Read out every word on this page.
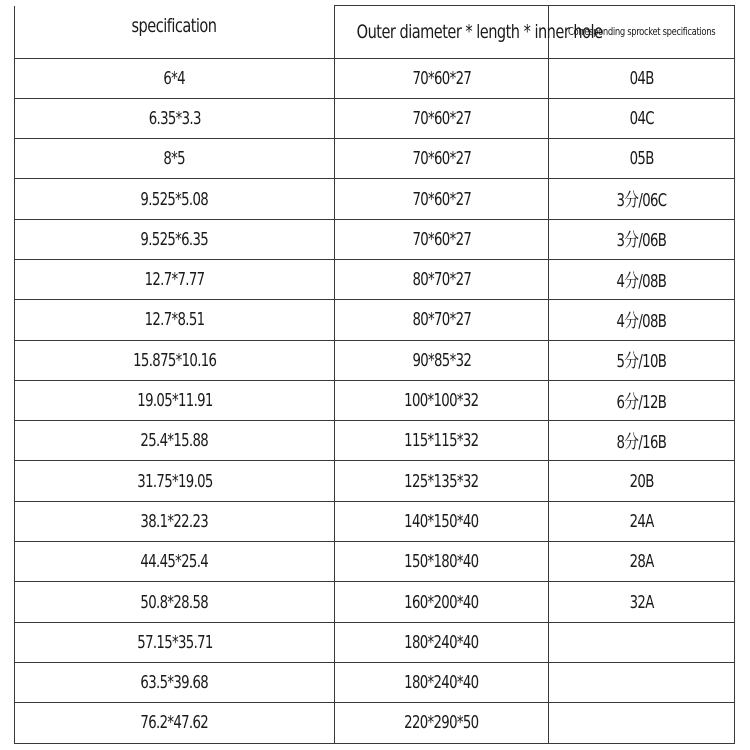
specification	Outer diameter * length * inner hole	Corresponding sprocket specifications
6*4	70*60*27	04B
6.35*3.3	70*60*27	04C
8*5	70*60*27	05B
9.525*5.08	70*60*27	3分/06C
9.525*6.35	70*60*27	3分/06B
12.7*7.77	80*70*27	4分/08B
12.7*8.51	80*70*27	4分/08B
15.875*10.16	90*85*32	5分/10B
19.05*11.91	100*100*32	6分/12B
25.4*15.88	115*115*32	8分/16B
31.75*19.05	125*135*32	20B
38.1*22.23	140*150*40	24A
44.45*25.4	150*180*40	28A
50.8*28.58	160*200*40	32A
57.15*35.71	180*240*40	
63.5*39.68	180*240*40	
76.2*47.62	220*290*50	
